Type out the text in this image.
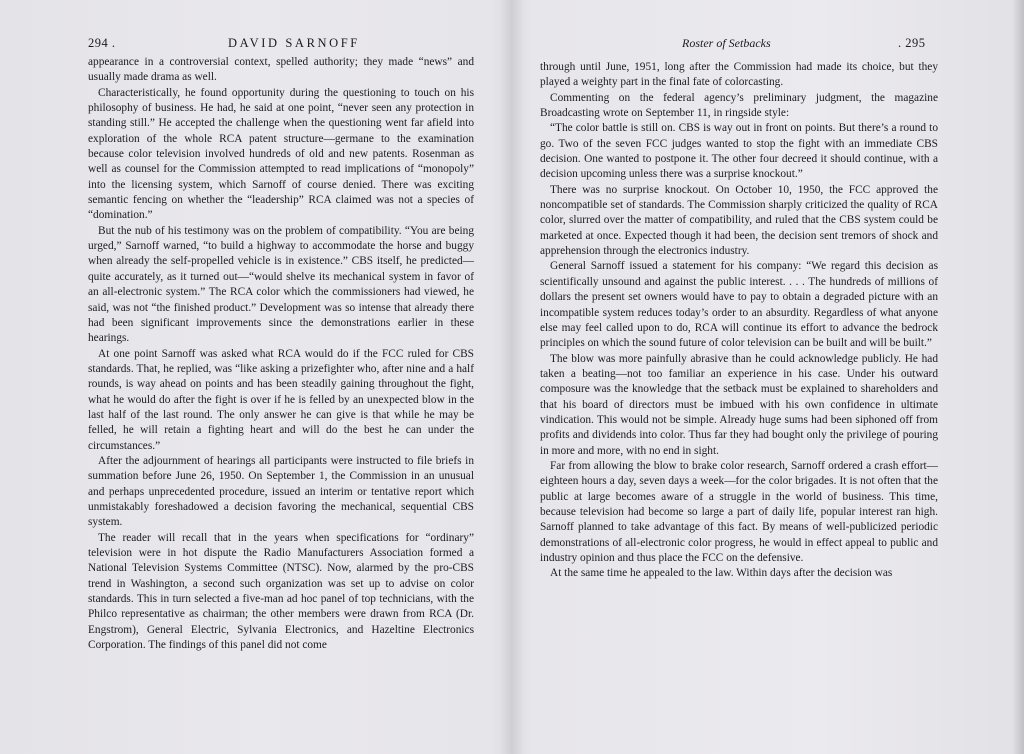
294 .	DAVID SARNOFF

appearance in a controversial context, spelled authority; they made “news” and usually made drama as well.

Characteristically, he found opportunity during the questioning to touch on his philosophy of business. He had, he said at one point, “never seen any protection in standing still.” He accepted the challenge when the questioning went far afield into exploration of the whole RCA patent structure—germane to the examination because color television involved hundreds of old and new patents. Rosenman as well as counsel for the Commission attempted to read implications of “monopoly” into the licensing system, which Sarnoff of course denied. There was exciting semantic fencing on whether the “leadership” RCA claimed was not a species of “domination.”

But the nub of his testimony was on the problem of compatibility. “You are being urged,” Sarnoff warned, “to build a highway to accommodate the horse and buggy when already the self-propelled vehicle is in existence.” CBS itself, he predicted—quite accurately, as it turned out—“would shelve its mechanical system in favor of an all-electronic system.” The RCA color which the commissioners had viewed, he said, was not “the finished product.” Development was so intense that already there had been significant improvements since the demonstrations earlier in these hearings.

At one point Sarnoff was asked what RCA would do if the FCC ruled for CBS standards. That, he replied, was “like asking a prizefighter who, after nine and a half rounds, is way ahead on points and has been steadily gaining throughout the fight, what he would do after the fight is over if he is felled by an unexpected blow in the last half of the last round. The only answer he can give is that while he may be felled, he will retain a fighting heart and will do the best he can under the circumstances.”

After the adjournment of hearings all participants were instructed to file briefs in summation before June 26, 1950. On September 1, the Commission in an unusual and perhaps unprecedented procedure, issued an interim or tentative report which unmistakably foreshadowed a decision favoring the mechanical, sequential CBS system.

The reader will recall that in the years when specifications for “ordinary” television were in hot dispute the Radio Manufacturers Association formed a National Television Systems Committee (NTSC). Now, alarmed by the pro-CBS trend in Washington, a second such organization was set up to advise on color standards. This in turn selected a five-man ad hoc panel of top technicians, with the Philco representative as chairman; the other members were drawn from RCA (Dr. Engstrom), General Electric, Sylvania Electronics, and Hazeltine Electronics Corporation. The findings of this panel did not come

Roster of Setbacks	. 295

through until June, 1951, long after the Commission had made its choice, but they played a weighty part in the final fate of colorcasting.

Commenting on the federal agency’s preliminary judgment, the magazine Broadcasting wrote on September 11, in ringside style:

“The color battle is still on. CBS is way out in front on points. But there’s a round to go. Two of the seven FCC judges wanted to stop the fight with an immediate CBS decision. One wanted to postpone it. The other four decreed it should continue, with a decision upcoming unless there was a surprise knockout.”

There was no surprise knockout. On October 10, 1950, the FCC approved the noncompatible set of standards. The Commission sharply criticized the quality of RCA color, slurred over the matter of compatibility, and ruled that the CBS system could be marketed at once. Expected though it had been, the decision sent tremors of shock and apprehension through the electronics industry.

General Sarnoff issued a statement for his company: “We regard this decision as scientifically unsound and against the public interest. . . . The hundreds of millions of dollars the present set owners would have to pay to obtain a degraded picture with an incompatible system reduces today’s order to an absurdity. Regardless of what anyone else may feel called upon to do, RCA will continue its effort to advance the bedrock principles on which the sound future of color television can be built and will be built.”

The blow was more painfully abrasive than he could acknowledge publicly. He had taken a beating—not too familiar an experience in his case. Under his outward composure was the knowledge that the setback must be explained to shareholders and that his board of directors must be imbued with his own confidence in ultimate vindication. This would not be simple. Already huge sums had been siphoned off from profits and dividends into color. Thus far they had bought only the privilege of pouring in more and more, with no end in sight.

Far from allowing the blow to brake color research, Sarnoff ordered a crash effort—eighteen hours a day, seven days a week—for the color brigades. It is not often that the public at large becomes aware of a struggle in the world of business. This time, because television had become so large a part of daily life, popular interest ran high. Sarnoff planned to take advantage of this fact. By means of well-publicized periodic demonstrations of all-electronic color progress, he would in effect appeal to public and industry opinion and thus place the FCC on the defensive.

At the same time he appealed to the law. Within days after the decision was
